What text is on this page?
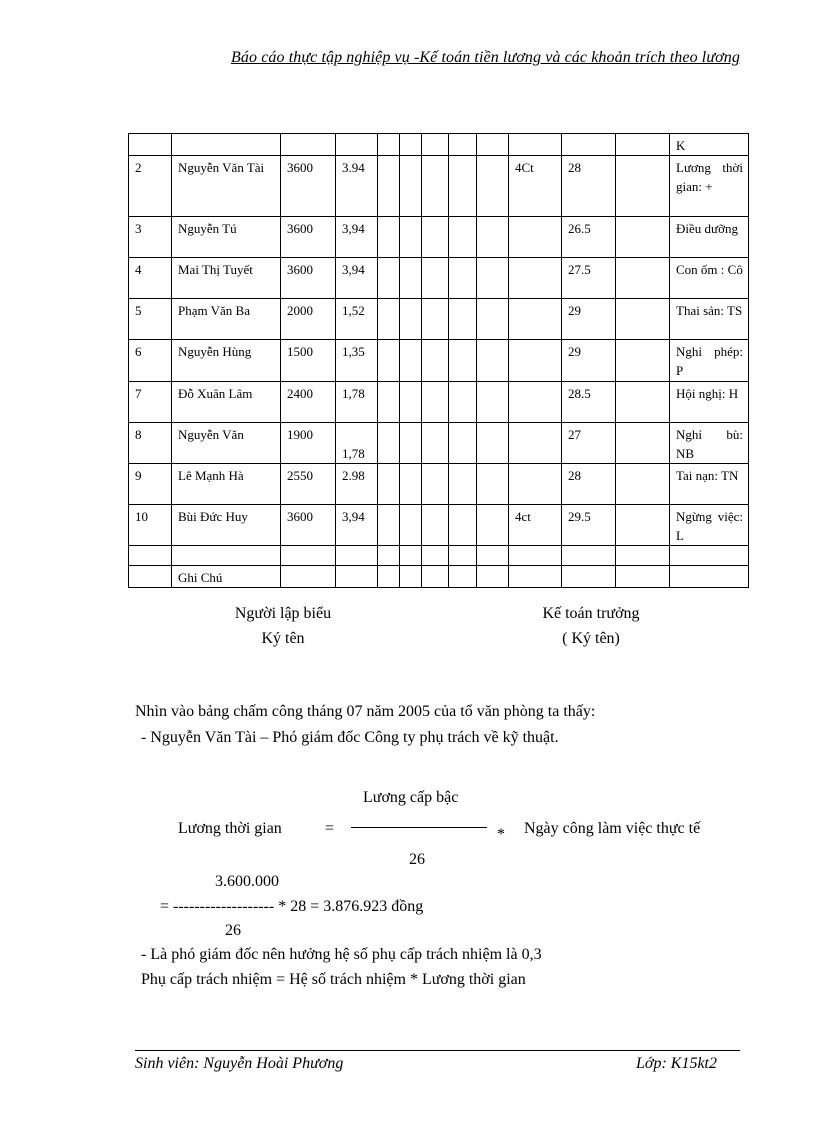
Báo cáo thực tập nghiệp vụ -Kế toán tiền lương và các khoản trích theo lương
												K
2	Nguyễn Văn Tài	3600	3.94						4Ct	28		Lương thời gian: +
3	Nguyễn Tú	3600	3,94							26.5		Điều dưỡng
4	Mai Thị Tuyết	3600	3,94							27.5		Con ốm : Cô
5	Phạm Văn Ba	2000	1,52							29		Thai sản: TS
6	Nguyễn Hùng	1500	1,35							29		Nghỉ phép: P
7	Đỗ Xuân Lâm	2400	1,78							28.5		Hội nghị: H
8	Nguyễn Văn	1900	1,78							27		Nghỉ bù: NB
9	Lê Mạnh Hà	2550	2.98							28		Tai nạn: TN
10	Bùi Đức Huy	3600	3,94						4ct	29.5		Ngừng việc: L

	Ghi Chú											
Người lập biểu
Ký tên
Kế toán trưởng
( Ký tên)
Nhìn vào bảng chấm công tháng 07 năm 2005 của tổ văn phòng ta thấy:
- Nguyễn Văn Tài – Phó giám đốc Công ty phụ trách về kỹ thuật.
Lương cấp bậc
Lương thời gian	=	* Ngày công làm việc thực tế
26
3.600.000
= ------------------- * 28 = 3.876.923 đồng
26
- Là phó giám đốc nên hưởng hệ số phụ cấp trách nhiệm là 0,3
Phụ cấp trách nhiệm = Hệ số trách nhiệm * Lương thời gian
Sinh viên: Nguyễn Hoài Phương	Lớp: K15kt2
